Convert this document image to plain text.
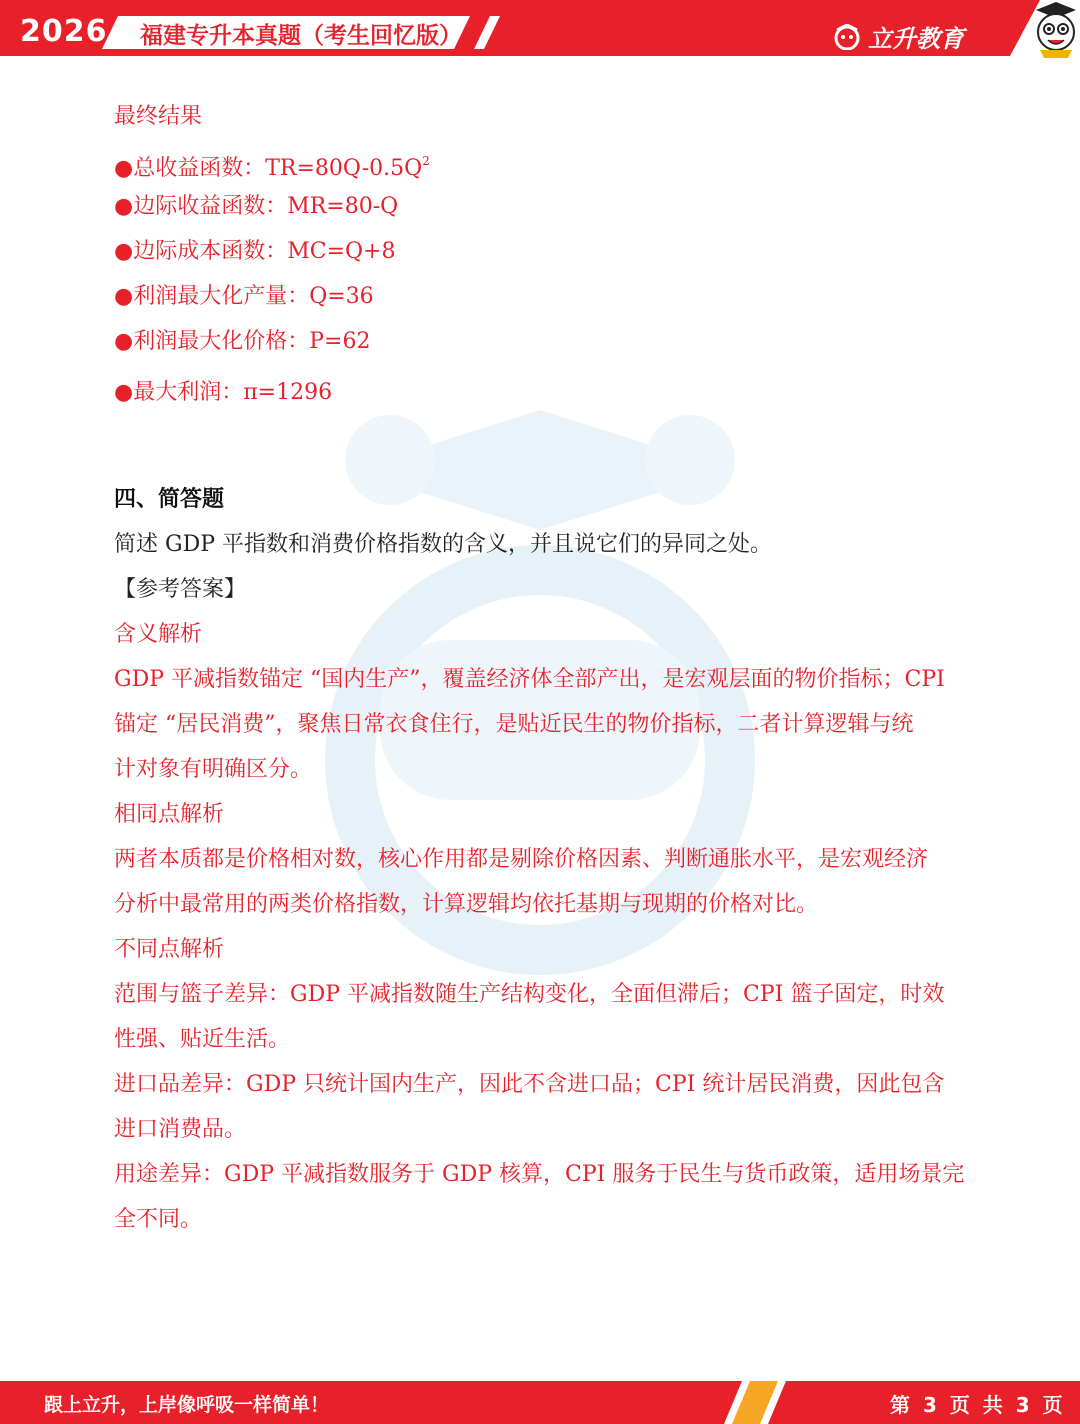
2026 福建专升本真题（考生回忆版）	立升教育
最终结果
● 总收益函数：$TR=80Q-0.5Q^2$
● 边际收益函数：MR=80-Q
● 边际成本函数：MC=Q+8
● 利润最大化产量：Q=36
● 利润最大化价格：P=62
● 最大利润：π=1296
四、简答题
简述 GDP 平指数和消费价格指数的含义，并且说它们的异同之处。
【参考答案】
含义解析
GDP 平减指数锚定 “国内生产”，覆盖经济体全部产出，是宏观层面的物价指标；CPI
锚定 “居民消费”，聚焦日常衣食住行，是贴近民生的物价指标，二者计算逻辑与统
计对象有明确区分。
相同点解析
两者本质都是价格相对数，核心作用都是剔除价格因素、判断通胀水平，是宏观经济
分析中最常用的两类价格指数，计算逻辑均依托基期与现期的价格对比。
不同点解析
范围与篮子差异：GDP 平减指数随生产结构变化，全面但滞后；CPI 篮子固定，时效
性强、贴近生活。
进口品差异：GDP 只统计国内生产，因此不含进口品；CPI 统计居民消费，因此包含
进口消费品。
用途差异：GDP 平减指数服务于 GDP 核算，CPI 服务于民生与货币政策，适用场景完
全不同。
跟上立升，上岸像呼吸一样简单！	第 3 页 共 3 页
